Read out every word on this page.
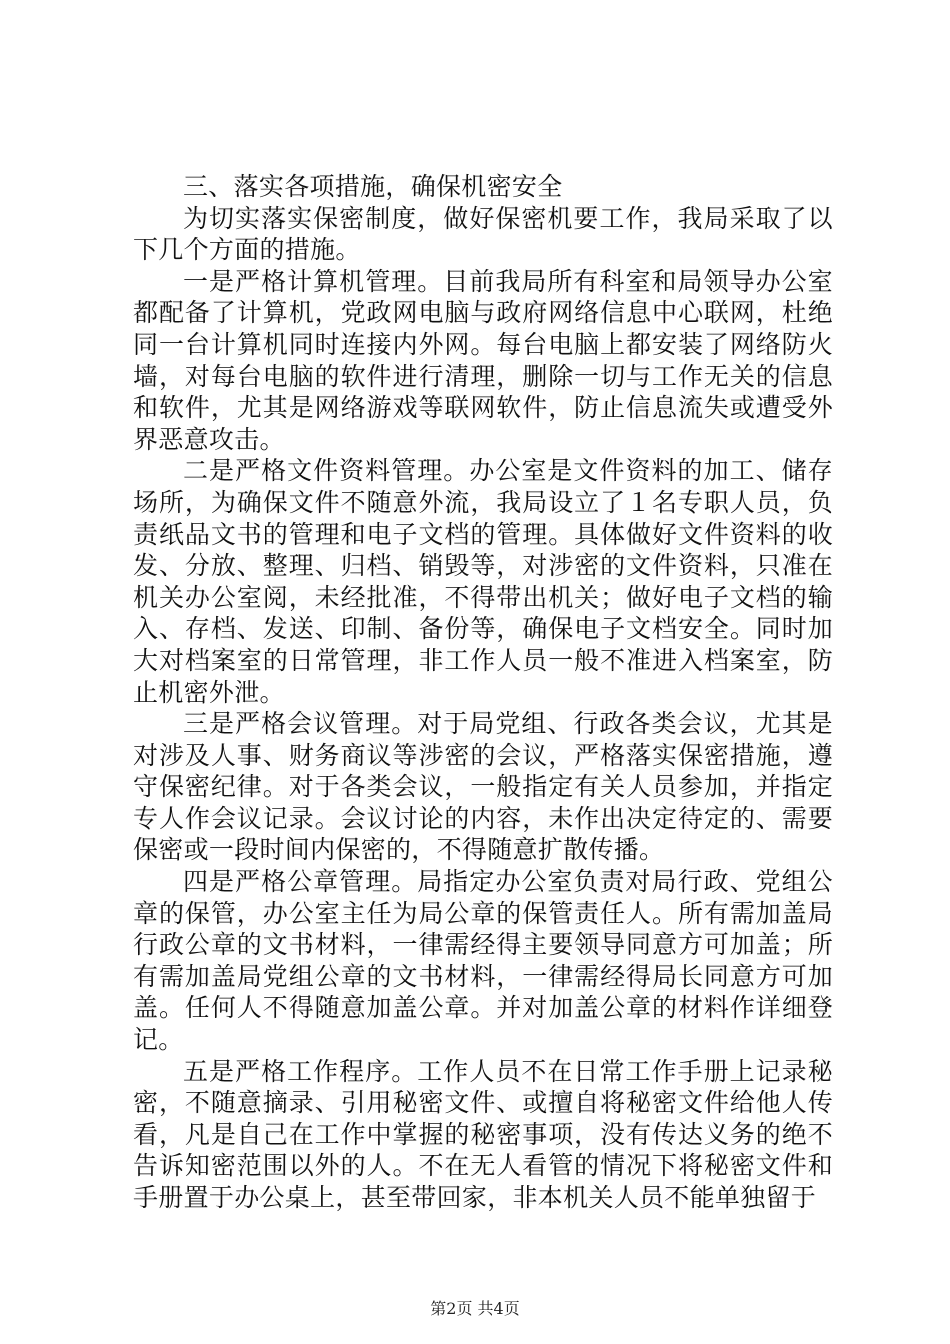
三、落实各项措施，确保机密安全

为切实落实保密制度，做好保密机要工作，我局采取了以下几个方面的措施。

一是严格计算机管理。目前我局所有科室和局领导办公室都配备了计算机，党政网电脑与政府网络信息中心联网，杜绝同一台计算机同时连接内外网。每台电脑上都安装了网络防火墙，对每台电脑的软件进行清理，删除一切与工作无关的信息和软件，尤其是网络游戏等联网软件，防止信息流失或遭受外界恶意攻击。

二是严格文件资料管理。办公室是文件资料的加工、储存场所，为确保文件不随意外流，我局设立了１名专职人员，负责纸品文书的管理和电子文档的管理。具体做好文件资料的收发、分放、整理、归档、销毁等，对涉密的文件资料，只准在机关办公室阅，未经批准，不得带出机关；做好电子文档的输入、存档、发送、印制、备份等，确保电子文档安全。同时加大对档案室的日常管理，非工作人员一般不准进入档案室，防止机密外泄。

三是严格会议管理。对于局党组、行政各类会议，尤其是对涉及人事、财务商议等涉密的会议，严格落实保密措施，遵守保密纪律。对于各类会议，一般指定有关人员参加，并指定专人作会议记录。会议讨论的内容，未作出决定待定的、需要保密或一段时间内保密的，不得随意扩散传播。

四是严格公章管理。局指定办公室负责对局行政、党组公章的保管，办公室主任为局公章的保管责任人。所有需加盖局行政公章的文书材料，一律需经得主要领导同意方可加盖；所有需加盖局党组公章的文书材料，一律需经得局长同意方可加盖。任何人不得随意加盖公章。并对加盖公章的材料作详细登记。

五是严格工作程序。工作人员不在日常工作手册上记录秘密，不随意摘录、引用秘密文件、或擅自将秘密文件给他人传看，凡是自己在工作中掌握的秘密事项，没有传达义务的绝不告诉知密范围以外的人。不在无人看管的情况下将秘密文件和手册置于办公桌上，甚至带回家，非本机关人员不能单独留于

第2页 共4页
